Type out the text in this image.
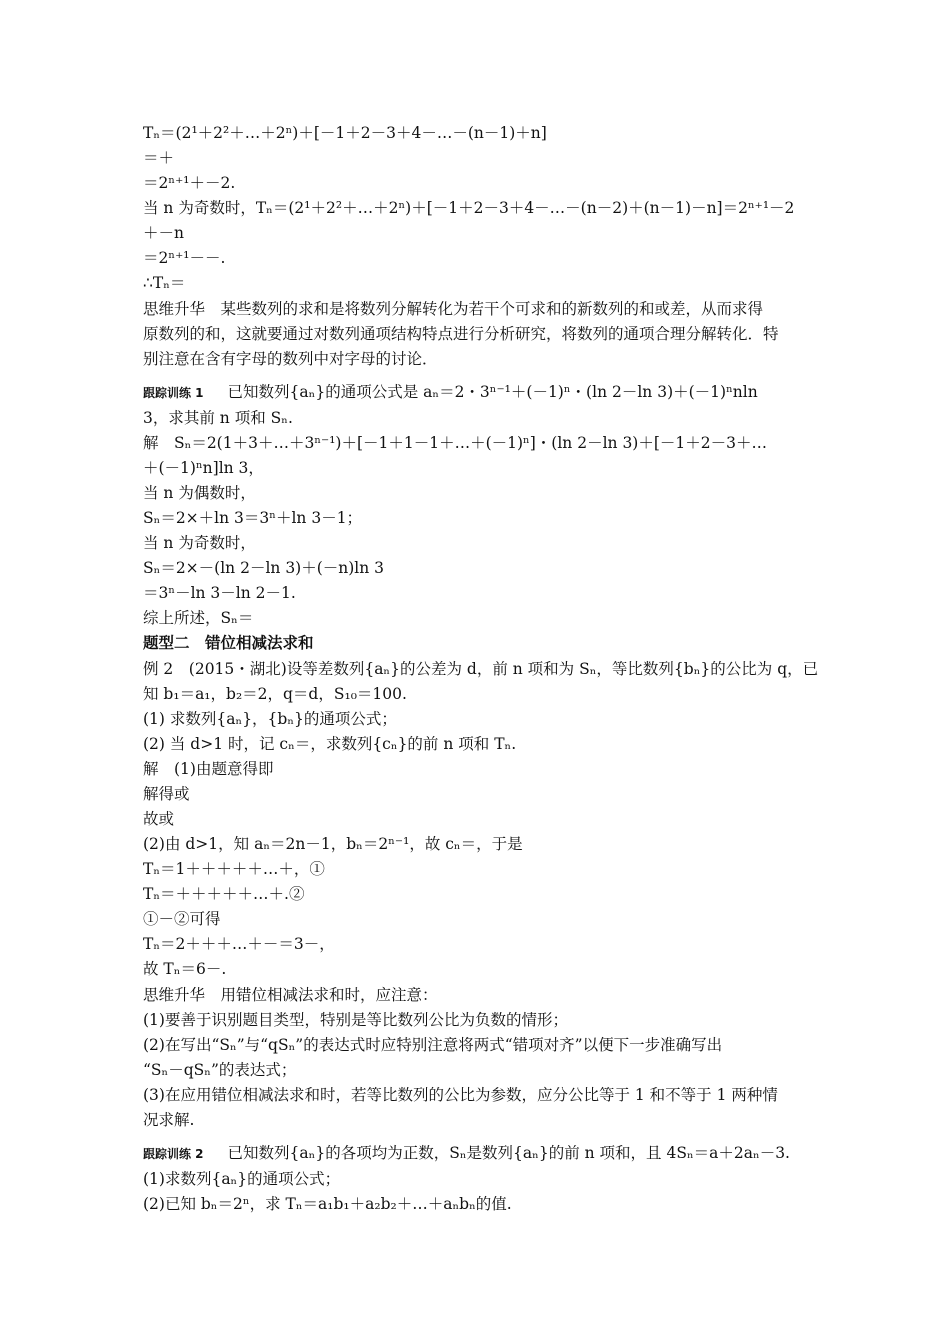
Tₙ＝(2¹＋2²＋…＋2ⁿ)＋[－1＋2－3＋4－…－(n－1)＋n]
＝＋
＝2ⁿ⁺¹＋－2.
当 n 为奇数时，Tₙ＝(2¹＋2²＋…＋2ⁿ)＋[－1＋2－3＋4－…－(n－2)＋(n－1)－n]＝2ⁿ⁺¹－2
＋－n
＝2ⁿ⁺¹－－.
∴Tₙ＝
思维升华　某些数列的求和是将数列分解转化为若干个可求和的新数列的和或差，从而求得
原数列的和，这就要通过对数列通项结构特点进行分析研究，将数列的通项合理分解转化．特
别注意在含有字母的数列中对字母的讨论．
跟踪训练 1 已知数列{aₙ}的通项公式是 aₙ＝2・3ⁿ⁻¹＋(－1)ⁿ・(ln 2－ln 3)＋(－1)ⁿnln
3，求其前 n 项和 Sₙ.
解　Sₙ＝2(1＋3＋…＋3ⁿ⁻¹)＋[－1＋1－1＋…＋(－1)ⁿ]・(ln 2－ln 3)＋[－1＋2－3＋…
＋(－1)ⁿn]ln 3，
当 n 为偶数时，
Sₙ＝2×＋ln 3＝3ⁿ＋ln 3－1；
当 n 为奇数时，
Sₙ＝2×－(ln 2－ln 3)＋(－n)ln 3
＝3ⁿ－ln 3－ln 2－1.
综上所述，Sₙ＝
题型二　错位相减法求和
例 2　(2015・湖北)设等差数列{aₙ}的公差为 d，前 n 项和为 Sₙ，等比数列{bₙ}的公比为 q，已
知 b₁＝a₁，b₂＝2，q＝d，S₁₀＝100.
(1) 求数列{aₙ}，{bₙ}的通项公式；
(2) 当 d>1 时，记 cₙ＝，求数列{cₙ}的前 n 项和 Tₙ.
解　(1)由题意得即
解得或
故或
(2)由 d>1，知 aₙ＝2n－1，bₙ＝2ⁿ⁻¹，故 cₙ＝，于是
Tₙ＝1＋＋＋＋＋…＋，①
Tₙ＝＋＋＋＋＋…＋.②
①－②可得
Tₙ＝2＋＋＋…＋－＝3－，
故 Tₙ＝6－.
思维升华　用错位相减法求和时，应注意：
(1)要善于识别题目类型，特别是等比数列公比为负数的情形；
(2)在写出“Sₙ”与“qSₙ”的表达式时应特别注意将两式“错项对齐”以便下一步准确写出
“Sₙ－qSₙ”的表达式；
(3)在应用错位相减法求和时，若等比数列的公比为参数，应分公比等于 1 和不等于 1 两种情
况求解.
跟踪训练 2 已知数列{aₙ}的各项均为正数，Sₙ是数列{aₙ}的前 n 项和，且 4Sₙ＝a＋2aₙ－3.
(1)求数列{aₙ}的通项公式；
(2)已知 bₙ＝2ⁿ，求 Tₙ＝a₁b₁＋a₂b₂＋…＋aₙbₙ的值.
